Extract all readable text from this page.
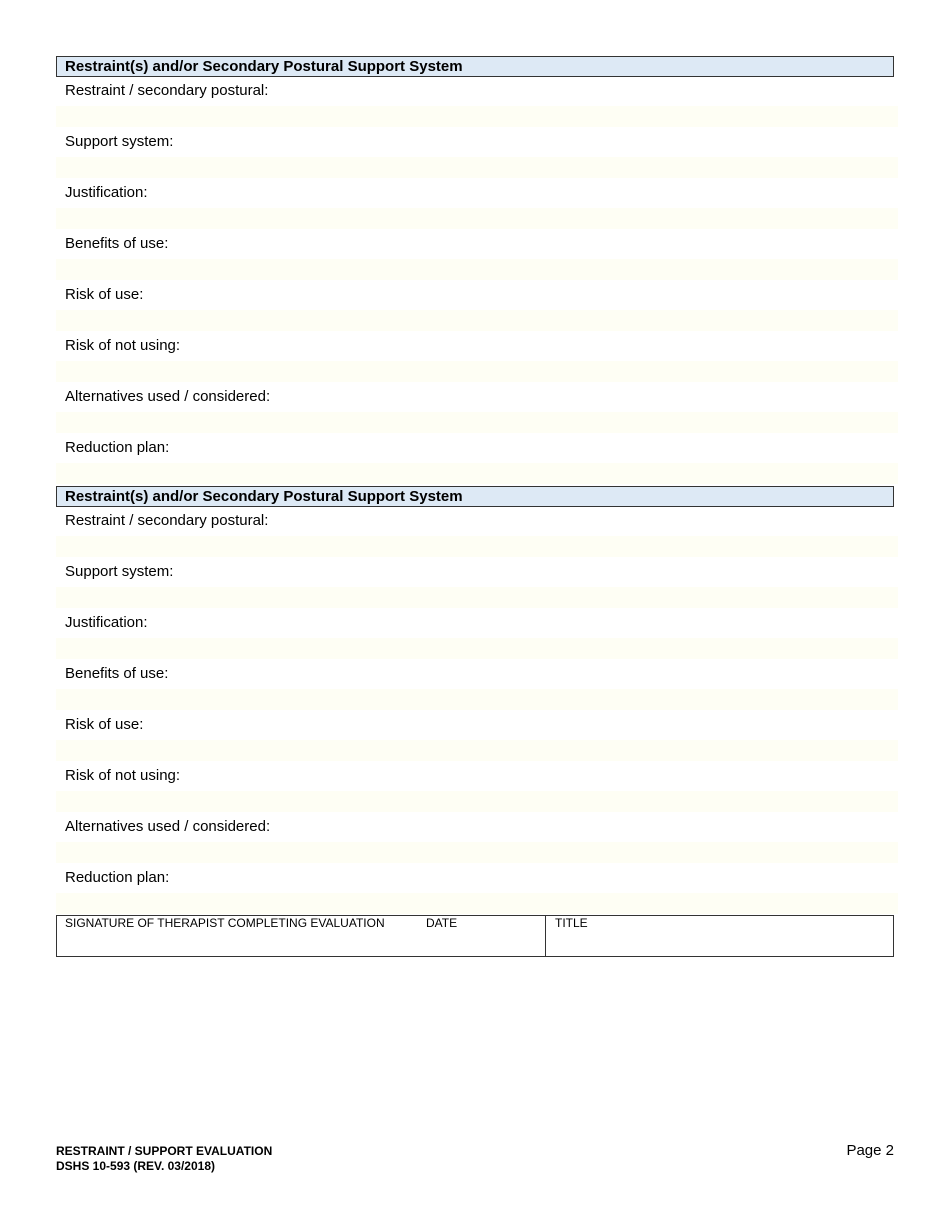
Restraint(s) and/or Secondary Postural Support System
Restraint / secondary postural:
Support system:
Justification:
Benefits of use:
Risk of use:
Risk of not using:
Alternatives used / considered:
Reduction plan:
Restraint(s) and/or Secondary Postural Support System
Restraint / secondary postural:
Support system:
Justification:
Benefits of use:
Risk of use:
Risk of not using:
Alternatives used / considered:
Reduction plan:
SIGNATURE OF THERAPIST COMPLETING EVALUATION	DATE	TITLE
RESTRAINT / SUPPORT EVALUATION
DSHS 10-593 (REV. 03/2018)
Page 2
